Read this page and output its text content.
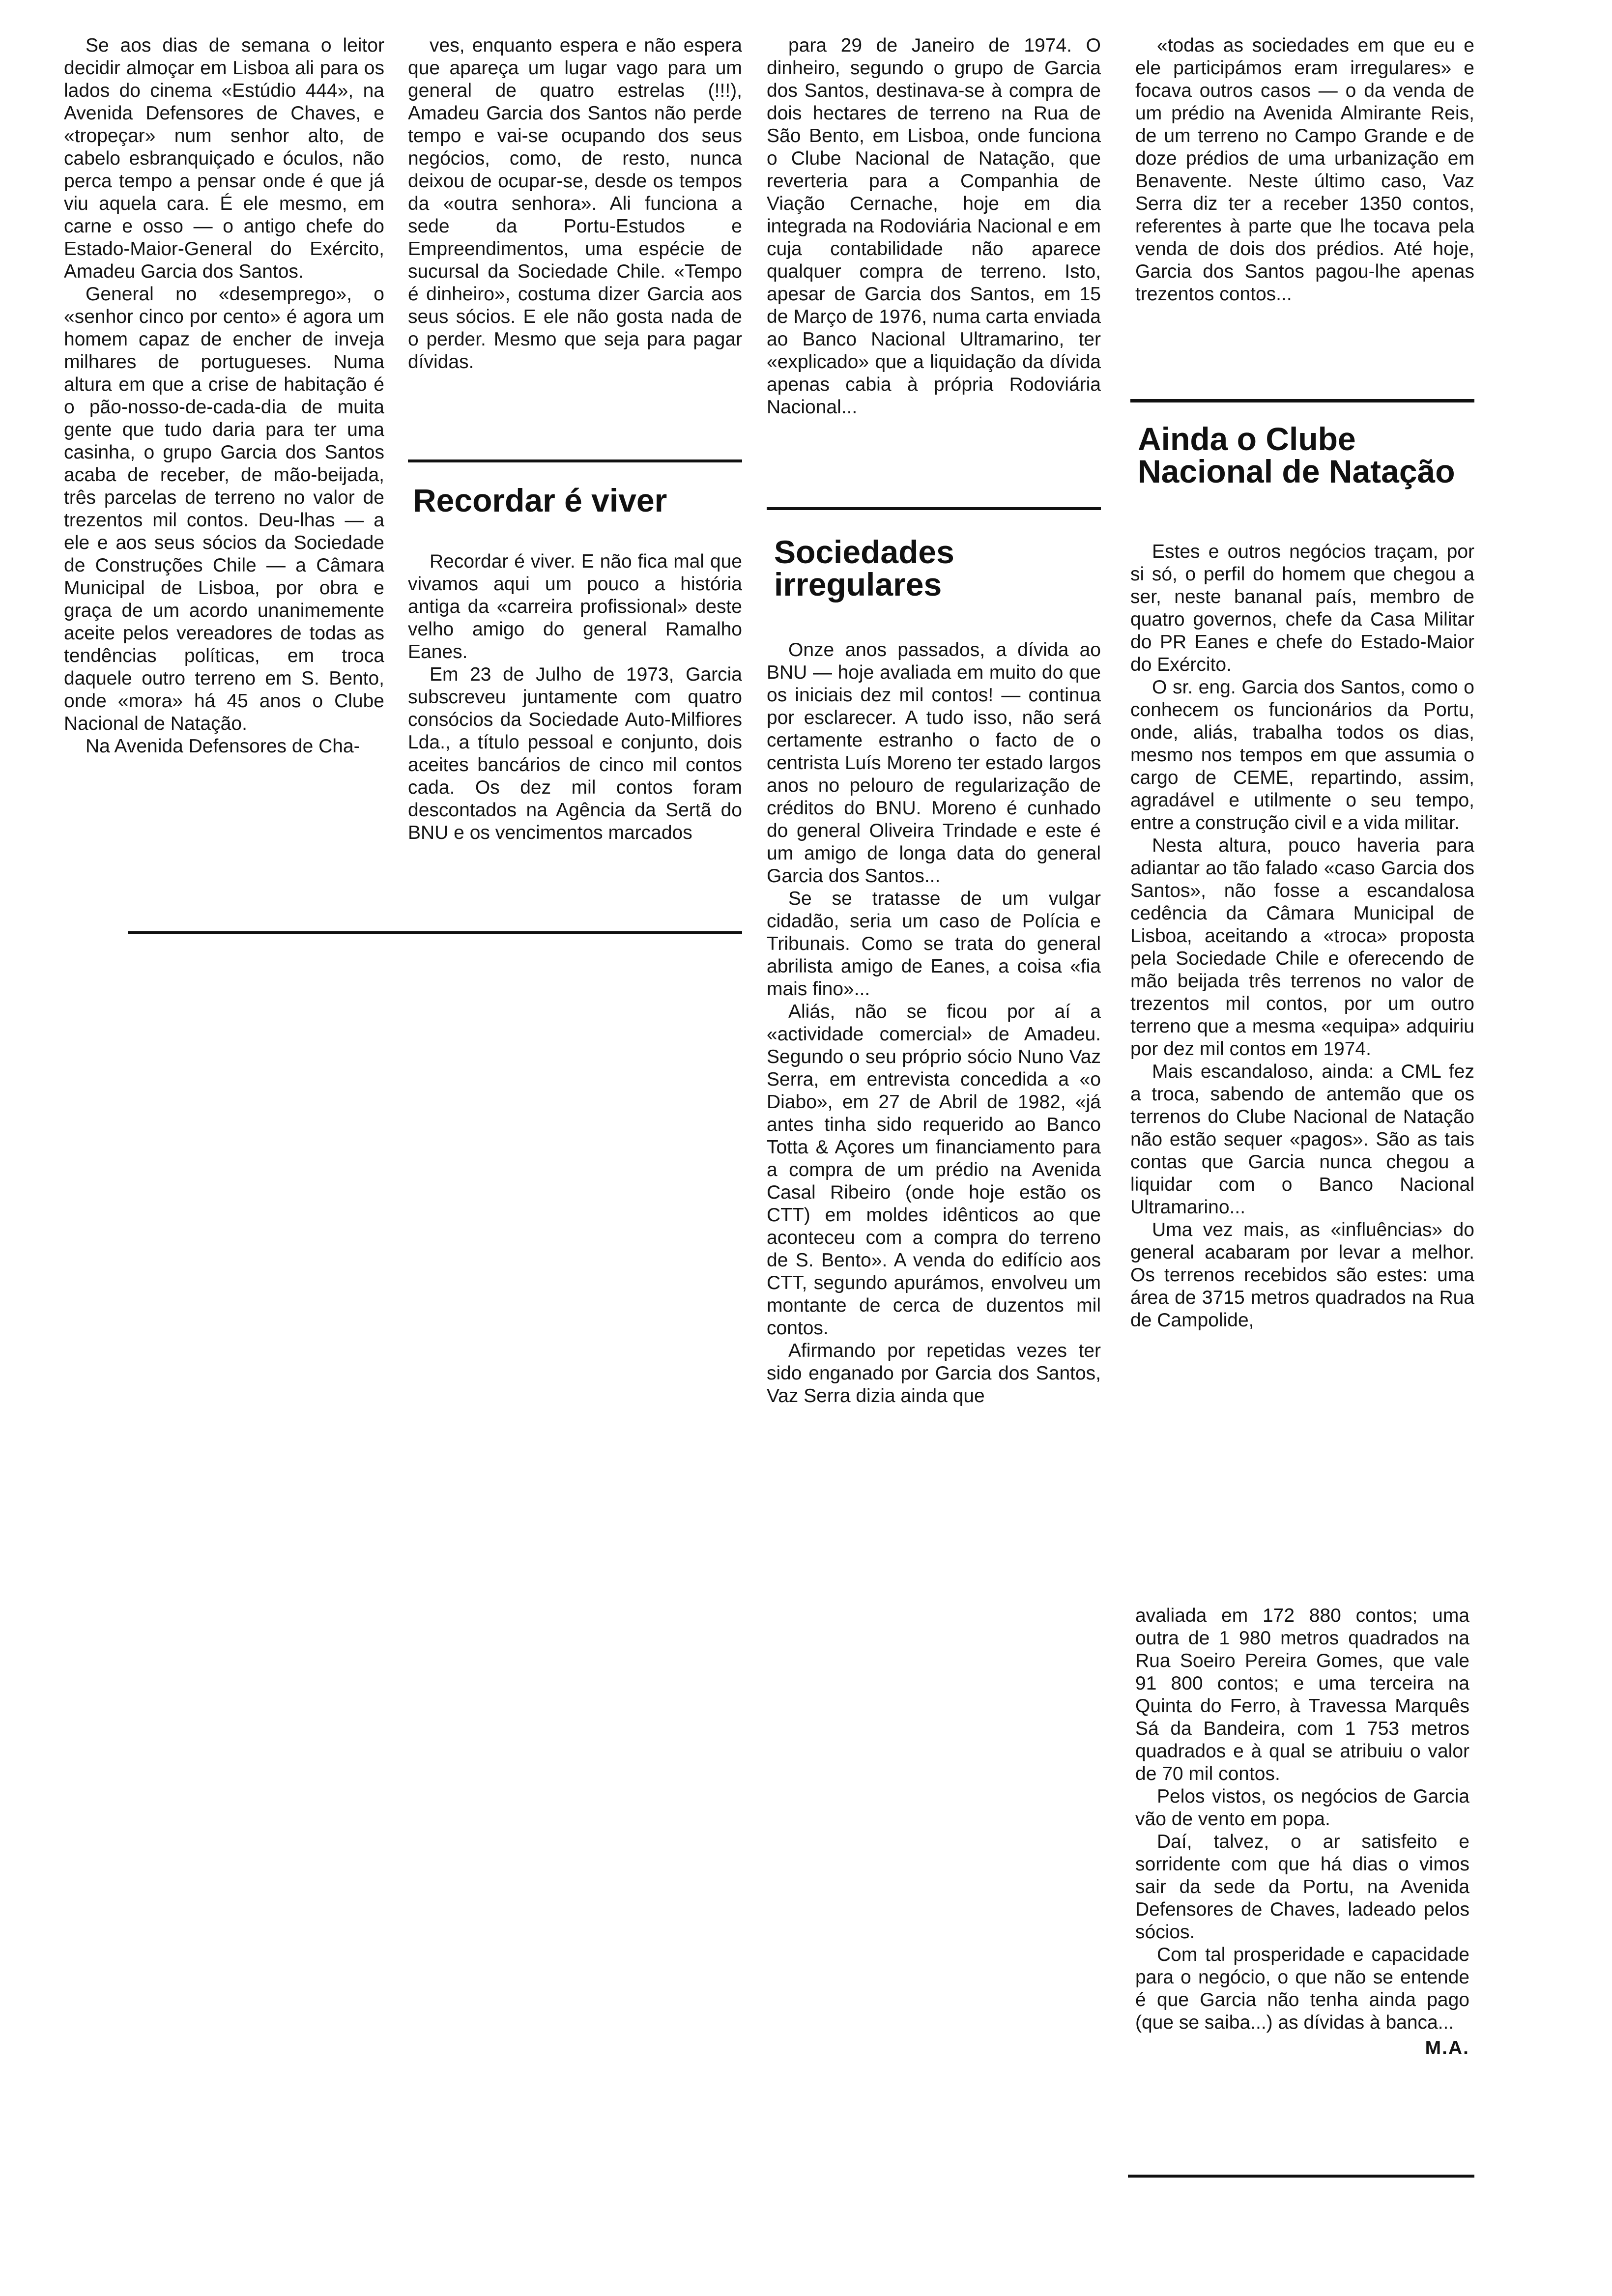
Se aos dias de semana o leitor decidir almoçar em Lisboa ali para os lados do cinema «Estúdio 444», na Avenida Defensores de Chaves, e «tropeçar» num senhor alto, de cabelo esbranquiçado e óculos, não perca tempo a pensar onde é que já viu aquela cara. É ele mesmo, em carne e osso — o antigo chefe do Estado-Maior-General do Exército, Amadeu Garcia dos Santos.

General no «desemprego», o «senhor cinco por cento» é agora um homem capaz de encher de inveja milhares de portugueses. Numa altura em que a crise de habitação é o pão-nosso-de-cada-dia de muita gente que tudo daria para ter uma casinha, o grupo Garcia dos Santos acaba de receber, de mão-beijada, três parcelas de terreno no valor de trezentos mil contos. Deu-lhas — a ele e aos seus sócios da Sociedade de Construções Chile — a Câmara Municipal de Lisboa, por obra e graça de um acordo unanimemente aceite pelos vereadores de todas as tendências políticas, em troca daquele outro terreno em S. Bento, onde «mora» há 45 anos o Clube Nacional de Natação.

Na Avenida Defensores de Cha-

ves, enquanto espera e não espera que apareça um lugar vago para um general de quatro estrelas (!!!), Amadeu Garcia dos Santos não perde tempo e vai-se ocupando dos seus negócios, como, de resto, nunca deixou de ocupar-se, desde os tempos da «outra senhora». Ali funciona a sede da Portu-Estudos e Empreendimentos, uma espécie de sucursal da Sociedade Chile. «Tempo é dinheiro», costuma dizer Garcia aos seus sócios. E ele não gosta nada de o perder. Mesmo que seja para pagar dívidas.

Recordar é viver

Recordar é viver. E não fica mal que vivamos aqui um pouco a história antiga da «carreira profissional» deste velho amigo do general Ramalho Eanes.

Em 23 de Julho de 1973, Garcia subscreveu juntamente com quatro consócios da Sociedade Auto-Milfiores Lda., a título pessoal e conjunto, dois aceites bancários de cinco mil contos cada. Os dez mil contos foram descontados na Agência da Sertã do BNU e os vencimentos marcados

para 29 de Janeiro de 1974. O dinheiro, segundo o grupo de Garcia dos Santos, destinava-se à compra de dois hectares de terreno na Rua de São Bento, em Lisboa, onde funciona o Clube Nacional de Natação, que reverteria para a Companhia de Viação Cernache, hoje em dia integrada na Rodoviária Nacional e em cuja contabilidade não aparece qualquer compra de terreno. Isto, apesar de Garcia dos Santos, em 15 de Março de 1976, numa carta enviada ao Banco Nacional Ultramarino, ter «explicado» que a liquidação da dívida apenas cabia à própria Rodoviária Nacional...

Sociedades irregulares

Onze anos passados, a dívida ao BNU — hoje avaliada em muito do que os iniciais dez mil contos! — continua por esclarecer. A tudo isso, não será certamente estranho o facto de o centrista Luís Moreno ter estado largos anos no pelouro de regularização de créditos do BNU. Moreno é cunhado do general Oliveira Trindade e este é um amigo de longa data do general Garcia dos Santos...

Se se tratasse de um vulgar cidadão, seria um caso de Polícia e Tribunais. Como se trata do general abrilista amigo de Eanes, a coisa «fia mais fino»...

Aliás, não se ficou por aí a «actividade comercial» de Amadeu. Segundo o seu próprio sócio Nuno Vaz Serra, em entrevista concedida a «o Diabo», em 27 de Abril de 1982, «já antes tinha sido requerido ao Banco Totta & Açores um financiamento para a compra de um prédio na Avenida Casal Ribeiro (onde hoje estão os CTT) em moldes idênticos ao que aconteceu com a compra do terreno de S. Bento». A venda do edifício aos CTT, segundo apurámos, envolveu um montante de cerca de duzentos mil contos.

Afirmando por repetidas vezes ter sido enganado por Garcia dos Santos, Vaz Serra dizia ainda que

«todas as sociedades em que eu e ele participámos eram irregulares» e focava outros casos — o da venda de um prédio na Avenida Almirante Reis, de um terreno no Campo Grande e de doze prédios de uma urbanização em Benavente. Neste último caso, Vaz Serra diz ter a receber 1350 contos, referentes à parte que lhe tocava pela venda de dois dos prédios. Até hoje, Garcia dos Santos pagou-lhe apenas trezentos contos...

Ainda o Clube Nacional de Natação

Estes e outros negócios traçam, por si só, o perfil do homem que chegou a ser, neste bananal país, membro de quatro governos, chefe da Casa Militar do PR Eanes e chefe do Estado-Maior do Exército.

O sr. eng. Garcia dos Santos, como o conhecem os funcionários da Portu, onde, aliás, trabalha todos os dias, mesmo nos tempos em que assumia o cargo de CEME, repartindo, assim, agradável e utilmente o seu tempo, entre a construção civil e a vida militar.

Nesta altura, pouco haveria para adiantar ao tão falado «caso Garcia dos Santos», não fosse a escandalosa cedência da Câmara Municipal de Lisboa, aceitando a «troca» proposta pela Sociedade Chile e oferecendo de mão beijada três terrenos no valor de trezentos mil contos, por um outro terreno que a mesma «equipa» adquiriu por dez mil contos em 1974.

Mais escandaloso, ainda: a CML fez a troca, sabendo de antemão que os terrenos do Clube Nacional de Natação não estão sequer «pagos». São as tais contas que Garcia nunca chegou a liquidar com o Banco Nacional Ultramarino...

Uma vez mais, as «influências» do general acabaram por levar a melhor. Os terrenos recebidos são estes: uma área de 3715 metros quadrados na Rua de Campolide,

avaliada em 172 880 contos; uma outra de 1 980 metros quadrados na Rua Soeiro Pereira Gomes, que vale 91 800 contos; e uma terceira na Quinta do Ferro, à Travessa Marquês Sá da Bandeira, com 1 753 metros quadrados e à qual se atribuiu o valor de 70 mil contos.

Pelos vistos, os negócios de Garcia vão de vento em popa.

Daí, talvez, o ar satisfeito e sorridente com que há dias o vimos sair da sede da Portu, na Avenida Defensores de Chaves, ladeado pelos sócios.

Com tal prosperidade e capacidade para o negócio, o que não se entende é que Garcia não tenha ainda pago (que se saiba...) as dívidas à banca...

M.A.
